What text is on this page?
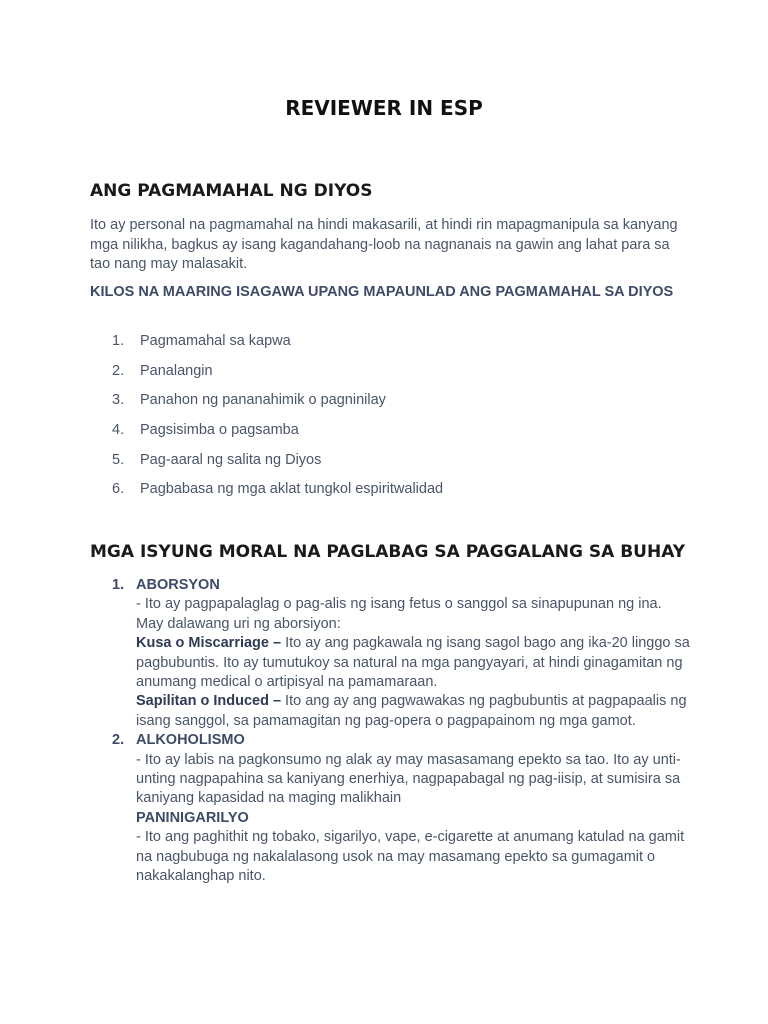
REVIEWER IN ESP
ANG PAGMAMAHAL NG DIYOS

Ito ay personal na pagmamahal na hindi makasarili, at hindi rin mapagmanipula sa kanyang mga nilikha, bagkus ay isang kagandahang-loob na nagnanais na gawin ang lahat para sa tao nang may malasakit.

KILOS NA MAARING ISAGAWA UPANG MAPAUNLAD ANG PAGMAMAHAL SA DIYOS

1. Pagmamahal sa kapwa
2. Panalangin
3. Panahon ng pananahimik o pagninilay
4. Pagsisimba o pagsamba
5. Pag-aaral ng salita ng Diyos
6. Pagbabasa ng mga aklat tungkol espiritwalidad
MGA ISYUNG MORAL NA PAGLABAG SA PAGGALANG SA BUHAY
1. ABORSYON
- Ito ay pagpapalaglag o pag-alis ng isang fetus o sanggol sa sinapupunan ng ina. May dalawang uri ng aborsiyon:
Kusa o Miscarriage – Ito ay ang pagkawala ng isang sagol bago ang ika-20 linggo sa pagbubuntis. Ito ay tumutukoy sa natural na mga pangyayari, at hindi ginagamitan ng anumang medical o artipisyal na pamamaraan.
Sapilitan o Induced – Ito ang ay ang pagwawakas ng pagbubuntis at pagpapaalis ng isang sanggol, sa pamamagitan ng pag-opera o pagpapainom ng mga gamot.
2. ALKOHOLISMO
- Ito ay labis na pagkonsumo ng alak ay may masasamang epekto sa tao. Ito ay unti-unting nagpapahina sa kaniyang enerhiya, nagpapabagal ng pag-iisip, at sumisira sa kaniyang kapasidad na maging malikhain
PANINIGARILYO
- Ito ang paghithit ng tobako, sigarilyo, vape, e-cigarette at anumang katulad na gamit na nagbubuga ng nakalalasong usok na may masamang epekto sa gumagamit o nakakalanghap nito.
